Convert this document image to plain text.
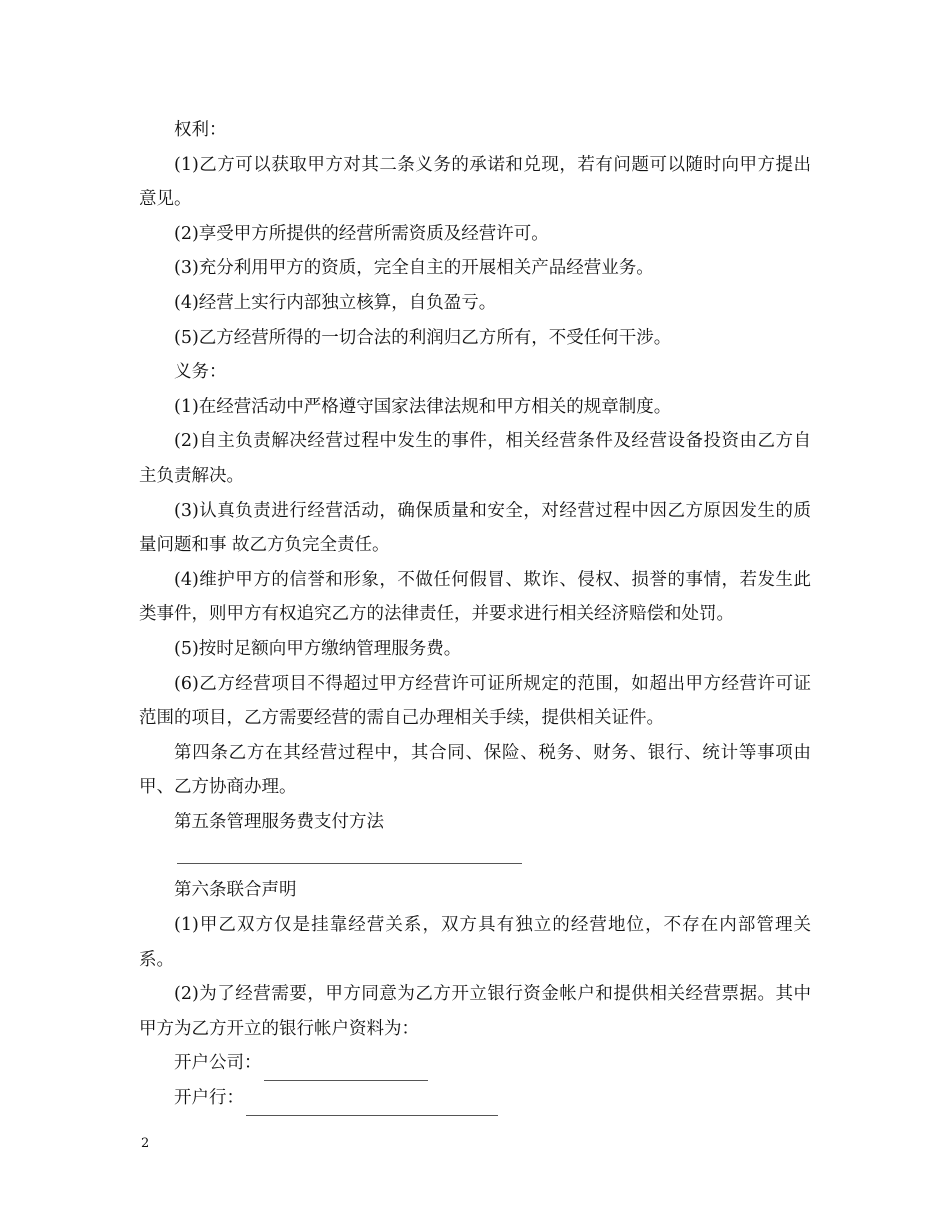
权利：

(1)乙方可以获取甲方对其二条义务的承诺和兑现，若有问题可以随时向甲方提出意见。

(2)享受甲方所提供的经营所需资质及经营许可。

(3)充分利用甲方的资质，完全自主的开展相关产品经营业务。

(4)经营上实行内部独立核算，自负盈亏。

(5)乙方经营所得的一切合法的利润归乙方所有，不受任何干涉。

义务：

(1)在经营活动中严格遵守国家法律法规和甲方相关的规章制度。

(2)自主负责解决经营过程中发生的事件，相关经营条件及经营设备投资由乙方自主负责解决。

(3)认真负责进行经营活动，确保质量和安全，对经营过程中因乙方原因发生的质量问题和事 故乙方负完全责任。

(4)维护甲方的信誉和形象，不做任何假冒、欺诈、侵权、损誉的事情，若发生此类事件，则甲方有权追究乙方的法律责任，并要求进行相关经济赔偿和处罚。

(5)按时足额向甲方缴纳管理服务费。

(6)乙方经营项目不得超过甲方经营许可证所规定的范围，如超出甲方经营许可证范围的项目，乙方需要经营的需自己办理相关手续，提供相关证件。

第四条乙方在其经营过程中，其合同、保险、税务、财务、银行、统计等事项由甲、乙方协商办理。

第五条管理服务费支付方法

第六条联合声明

(1)甲乙双方仅是挂靠经营关系，双方具有独立的经营地位，不存在内部管理关系。

(2)为了经营需要，甲方同意为乙方开立银行资金帐户和提供相关经营票据。其中甲方为乙方开立的银行帐户资料为：

开户公司：

开户行：

2
